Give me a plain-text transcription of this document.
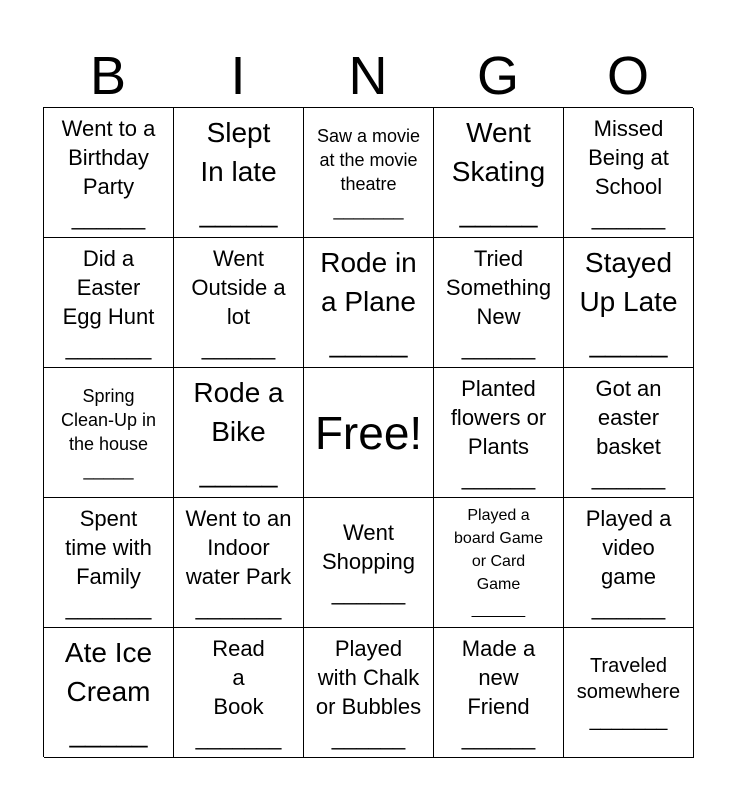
B	I	N	G	O
Went to a
Birthday
Party
______
Slept
In late
_____
Saw a movie
at the movie
theatre
_______
Went
Skating
_____
Missed
Being at
School
______
Did a
Easter
Egg Hunt
_______
Went
Outside a
lot
______
Rode in
a Plane
_____
Tried
Something
New
______
Stayed
Up Late
_____
Spring
Clean-Up in
the house
_____
Rode a
Bike
_____
Free!
Planted
flowers or
Plants
______
Got an
easter
basket
______
Spent
time with
Family
_______
Went to an
Indoor
water Park
_______
Went
Shopping
______
Played a
board Game
or Card
Game
______
Played a
video
game
______
Ate Ice
Cream
_____
Read
a
Book
_______
Played
with Chalk
or Bubbles
______
Made a
new
Friend
______
Traveled
somewhere
_______
